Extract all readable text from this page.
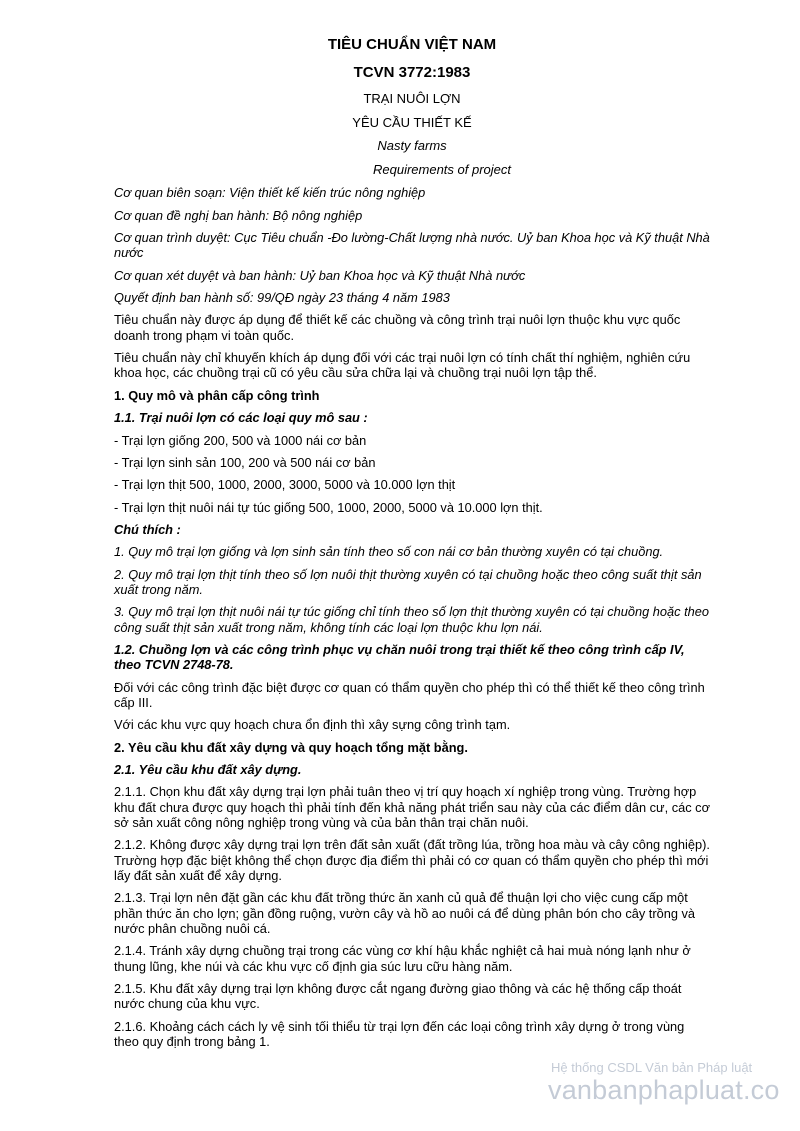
TIÊU CHUẨN VIỆT NAM
TCVN 3772:1983
TRẠI NUÔI LỢN
YÊU CẦU THIẾT KẾ
Nasty farms
Requirements of project

Cơ quan biên soạn: Viện thiết kế kiến trúc nông nghiệp

Cơ quan đề nghị ban hành: Bộ nông nghiệp

Cơ quan trình duyệt: Cục Tiêu chuẩn -Đo lường-Chất lượng nhà nước. Uỷ ban Khoa học và Kỹ thuật Nhà nước

Cơ quan xét duyệt và ban hành: Uỷ ban Khoa học và Kỹ thuật Nhà nước

Quyết định ban hành số: 99/QĐ ngày 23 tháng 4 năm 1983

Tiêu chuẩn này được áp dụng để thiết kế các chuồng và công trình trại nuôi lợn thuộc khu vực quốc doanh trong phạm vi toàn quốc.

Tiêu chuẩn này chỉ khuyến khích áp dụng đối với các trại nuôi lợn có tính chất thí nghiệm, nghiên cứu khoa học, các chuồng trại cũ có yêu cầu sửa chữa lại và chuồng trại nuôi lợn tập thể.

1. Quy mô và phân cấp công trình

1.1. Trại nuôi lợn có các loại quy mô sau :

- Trại lợn giống 200, 500 và 1000 nái cơ bản

- Trại lợn sinh sản 100, 200 và 500 nái cơ bản

- Trại lợn thịt 500, 1000, 2000, 3000, 5000 và 10.000 lợn thịt

- Trại lợn thịt nuôi nái tự túc giống 500, 1000, 2000, 5000 và 10.000 lợn thịt.

Chú thích :

1. Quy mô trại lợn giống và lợn sinh sản tính theo số con nái cơ bản thường xuyên có tại chuồng.

2. Quy mô trại lợn thịt tính theo số lợn nuôi thịt thường xuyên có tại chuồng hoặc theo công suất thịt sản xuất trong năm.

3. Quy mô trại lợn thịt nuôi nái tự túc giống chỉ tính theo số lợn thịt thường xuyên có tại chuồng hoặc theo công suất thịt sản xuất trong năm, không tính các loại lợn thuộc khu lợn nái.

1.2. Chuồng lợn và các công trình phục vụ chăn nuôi trong trại thiết kế theo công trình cấp IV, theo TCVN 2748-78.

Đối với các công trình đặc biệt được cơ quan có thẩm quyền cho phép thì có thể thiết kế theo công trình cấp III.

Với các khu vực quy hoạch chưa ổn định thì xây sựng công trình tạm.

2. Yêu cầu khu đất xây dựng và quy hoạch tổng mặt bằng.

2.1. Yêu cầu khu đất xây dựng.

2.1.1. Chọn khu đất xây dựng trại lợn phải tuân theo vị trí quy hoạch xí nghiệp trong vùng. Trường hợp khu đất chưa được quy hoạch thì phải tính đến khả năng phát triển sau này của các điểm dân cư, các cơ sở sản xuất công nông nghiệp trong vùng và của bản thân trại chăn nuôi.

2.1.2. Không được xây dựng trại lợn trên đất sản xuất (đất trồng lúa, trồng hoa màu và cây công nghiệp). Trường hợp đặc biệt không thể chọn được địa điểm thì phải có cơ quan có thẩm quyền cho phép thì mới lấy đất sản xuất để xây dựng.

2.1.3. Trại lợn nên đặt gần các khu đất trồng thức ăn xanh củ quả để thuận lợi cho việc cung cấp một phần thức ăn cho lợn; gần đồng ruộng, vườn cây và hồ ao nuôi cá để dùng phân bón cho cây trồng và nước phân chuồng nuôi cá.

2.1.4. Tránh xây dựng chuồng trại trong các vùng cơ khí hậu khắc nghiệt cả hai muà nóng lạnh như ở thung lũng, khe núi và các khu vực cố định gia súc lưu cữu hàng năm.

2.1.5. Khu đất xây dựng trại lợn không được cắt ngang đường giao thông và các hệ thống cấp thoát nước chung của khu vực.

2.1.6. Khoảng cách cách ly vệ sinh tối thiểu từ trại lợn đến các loại công trình xây dựng ở trong vùng theo quy định trong bảng 1.

Hệ thống CSDL Văn bản Pháp luật
vanbanphapluat.co
